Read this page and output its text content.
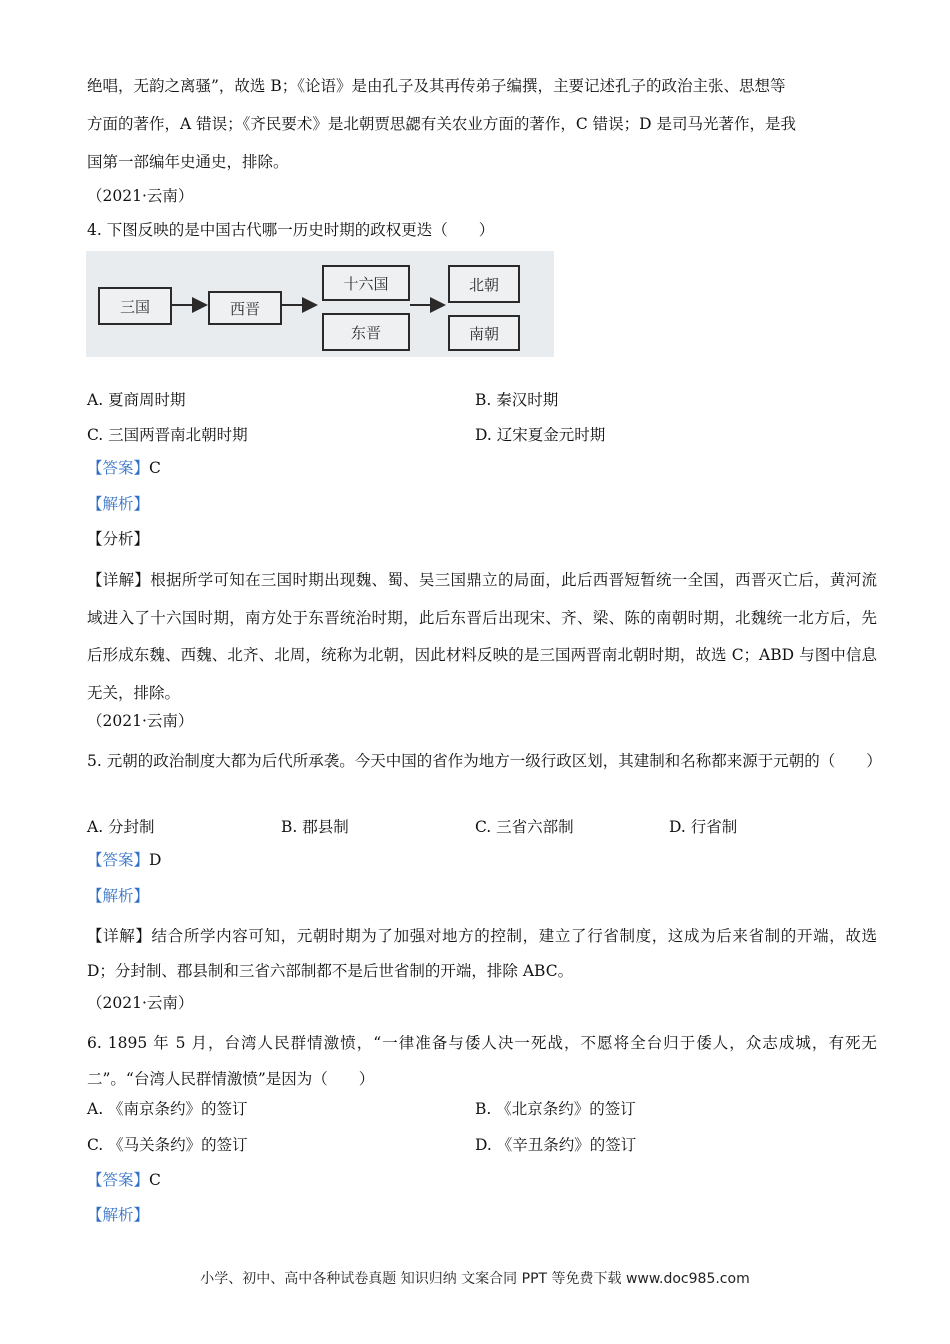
绝唱，无韵之离骚”，故选 B；《论语》是由孔子及其再传弟子编撰，主要记述孔子的政治主张、思想等
方面的著作，A 错误；《齐民要术》是北朝贾思勰有关农业方面的著作，C 错误；D 是司马光著作，是我
国第一部编年史通史，排除。
（2021·云南）
4. 下图反映的是中国古代哪一历史时期的政权更迭（　　）
三国	西晋
十六国
东晋
北朝
南朝
A. 夏商周时期	B. 秦汉时期
C. 三国两晋南北朝时期	D. 辽宋夏金元时期
【答案】C
【解析】
【分析】
【详解】根据所学可知在三国时期出现魏、蜀、吴三国鼎立的局面，此后西晋短暂统一全国，西晋灭亡后，黄河流域进入了十六国时期，南方处于东晋统治时期，此后东晋后出现宋、齐、梁、陈的南朝时期，北魏统一北方后，先后形成东魏、西魏、北齐、北周，统称为北朝，因此材料反映的是三国两晋南北朝时期，故选 C；ABD 与图中信息无关，排除。
（2021·云南）
5. 元朝的政治制度大都为后代所承袭。今天中国的省作为地方一级行政区划，其建制和名称都来源于元朝的（　　）
A. 分封制	B. 郡县制	C. 三省六部制	D. 行省制
【答案】D
【解析】
【详解】结合所学内容可知，元朝时期为了加强对地方的控制，建立了行省制度，这成为后来省制的开端，故选 D；分封制、郡县制和三省六部制都不是后世省制的开端，排除 ABC。
（2021·云南）
6. 1895 年 5 月，台湾人民群情激愤，“一律准备与倭人决一死战，不愿将全台归于倭人，众志成城，有死无二”。“台湾人民群情激愤”是因为（　　）
A. 《南京条约》的签订	B. 《北京条约》的签订
C. 《马关条约》的签订	D. 《辛丑条约》的签订
【答案】C
【解析】
小学、初中、高中各种试卷真题 知识归纳 文案合同 PPT 等免费下载 www.doc985.com
